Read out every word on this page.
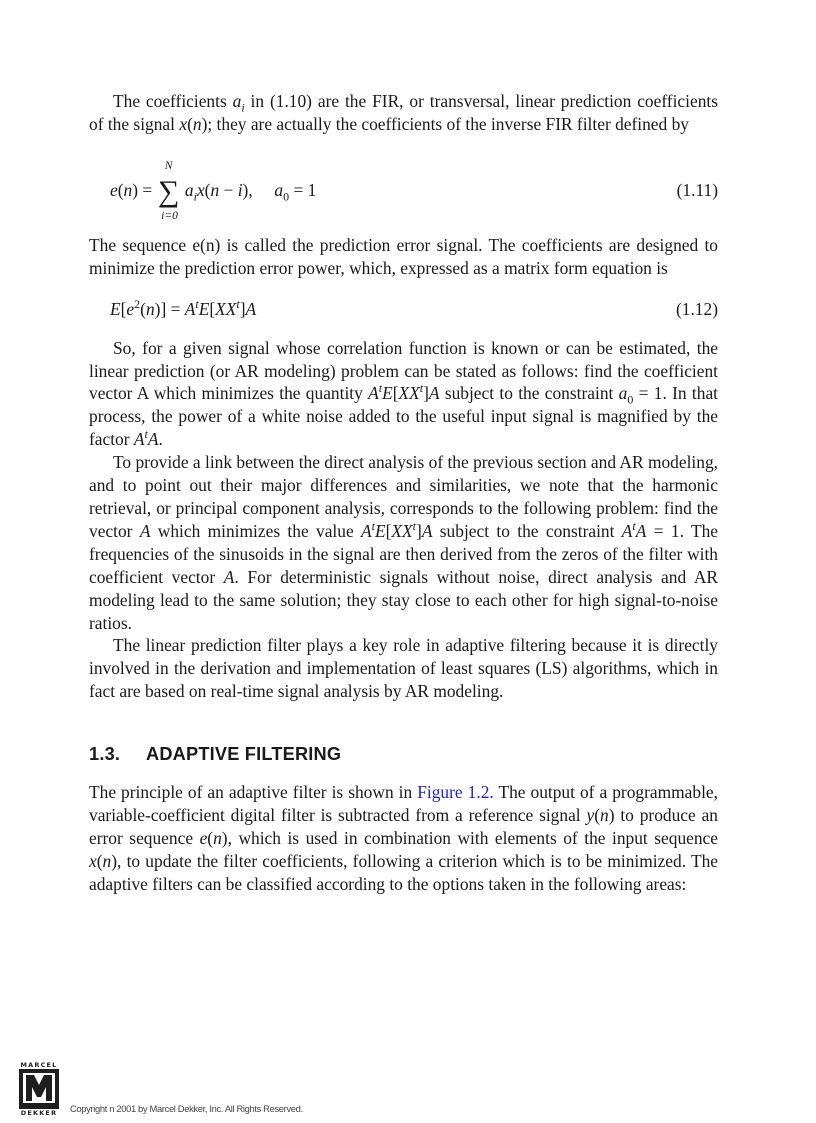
The coefficients $a_i$ in (1.10) are the FIR, or transversal, linear prediction coefficients of the signal x(n); they are actually the coefficients of the inverse FIR filter defined by

e(n) =
N
∑
i=0
$a_ix(n - i)$,     $a_0 = 1$	(1.11)

The sequence e(n) is called the prediction error signal. The coefficients are designed to minimize the prediction error power, which, expressed as a matrix form equation is

$E[e^2(n)] = A^tE[XX^t]A$	(1.12)

So, for a given signal whose correlation function is known or can be estimated, the linear prediction (or AR modeling) problem can be stated as follows: find the coefficient vector A which minimizes the quantity $A^tE[XX^t]A$ subject to the constraint $a_0 = 1$. In that process, the power of a white noise added to the useful input signal is magnified by the factor $A^tA$.

To provide a link between the direct analysis of the previous section and AR modeling, and to point out their major differences and similarities, we note that the harmonic retrieval, or principal component analysis, corresponds to the following problem: find the vector A which minimizes the value $A^tE[XX^t]A$ subject to the constraint $A^tA = 1$. The frequencies of the sinusoids in the signal are then derived from the zeros of the filter with coefficient vector A. For deterministic signals without noise, direct analysis and AR modeling lead to the same solution; they stay close to each other for high signal-to-noise ratios.

The linear prediction filter plays a key role in adaptive filtering because it is directly involved in the derivation and implementation of least squares (LS) algorithms, which in fact are based on real-time signal analysis by AR modeling.

1.3. ADAPTIVE FILTERING

The principle of an adaptive filter is shown in Figure 1.2. The output of a programmable, variable-coefficient digital filter is subtracted from a reference signal y(n) to produce an error sequence e(n), which is used in combination with elements of the input sequence x(n), to update the filter coefficients, following a criterion which is to be minimized. The adaptive filters can be classified according to the options taken in the following areas:

MARCEL
DEKKER	Copyright n 2001 by Marcel Dekker, Inc. All Rights Reserved.
